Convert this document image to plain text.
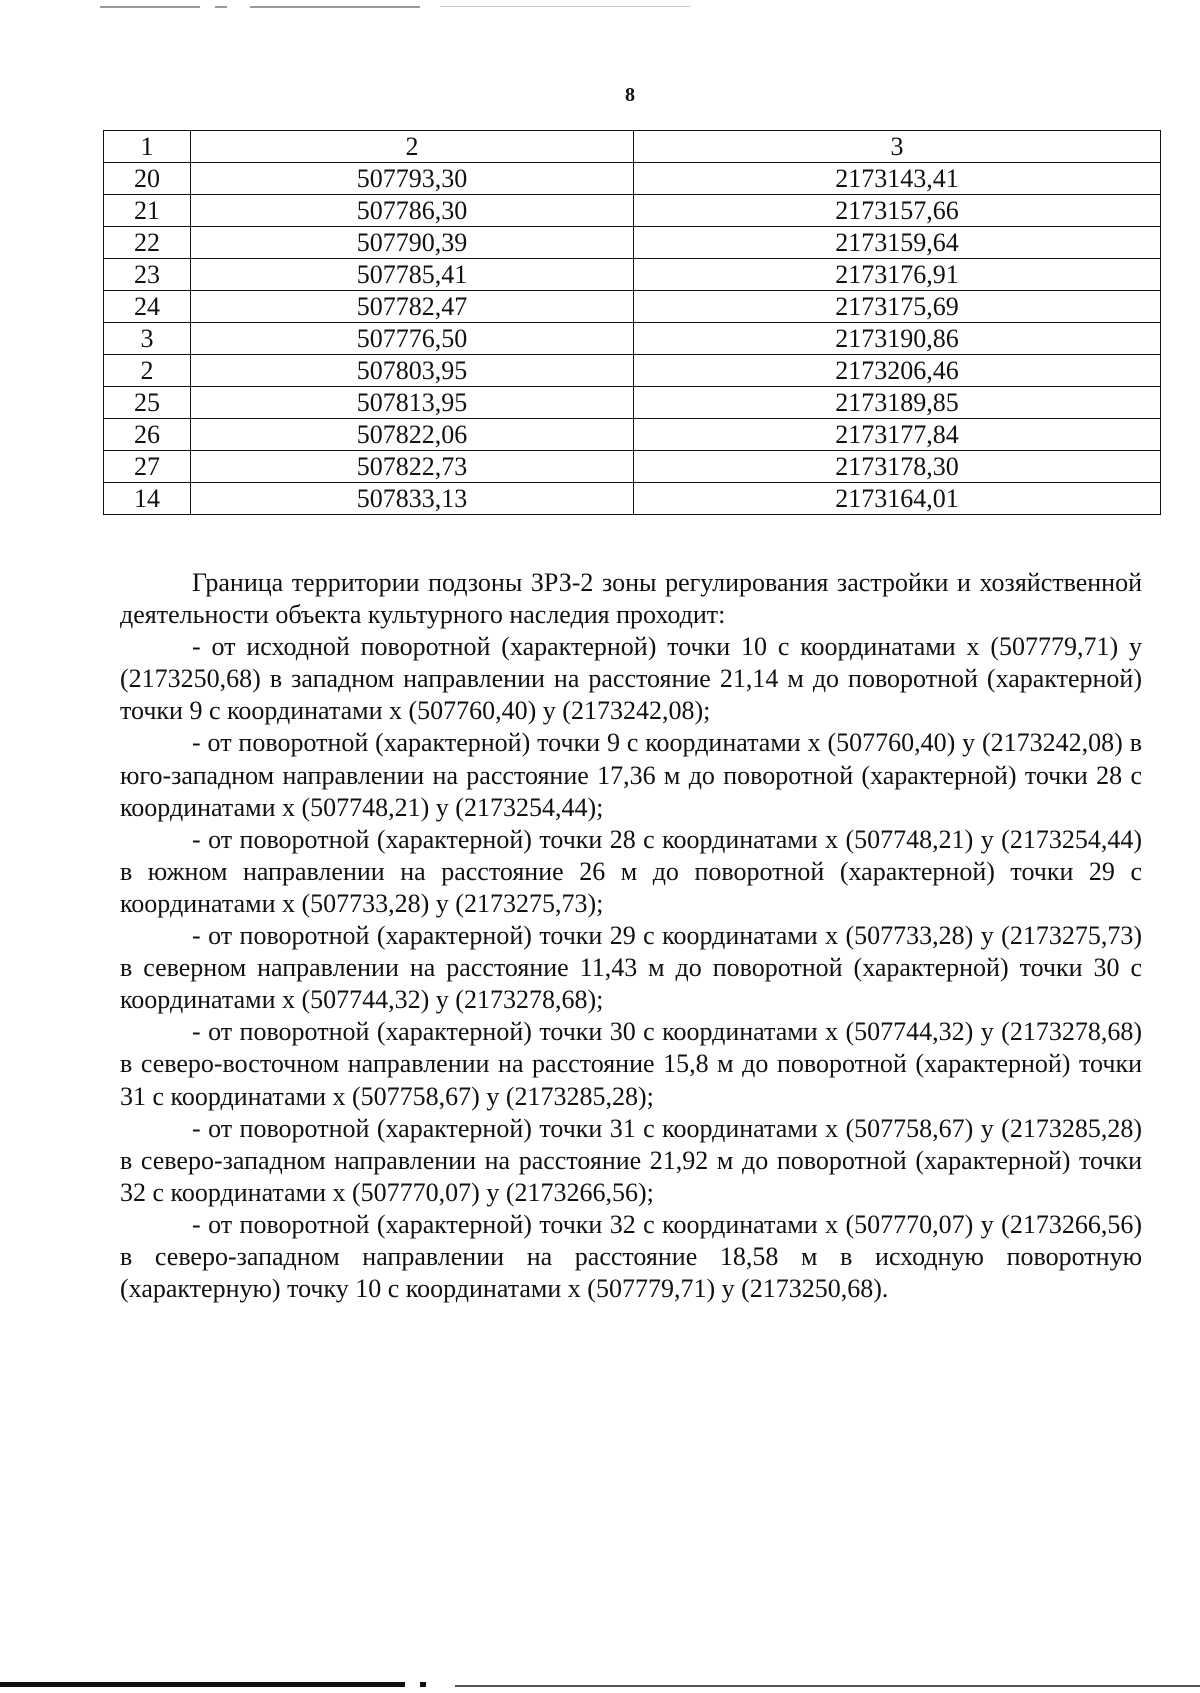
8
1	2	3
20	507793,30	2173143,41
21	507786,30	2173157,66
22	507790,39	2173159,64
23	507785,41	2173176,91
24	507782,47	2173175,69
3	507776,50	2173190,86
2	507803,95	2173206,46
25	507813,95	2173189,85
26	507822,06	2173177,84
27	507822,73	2173178,30
14	507833,13	2173164,01

Граница территории подзоны ЗРЗ-2 зоны регулирования застройки и хозяйственной деятельности объекта культурного наследия проходит:

- от исходной поворотной (характерной) точки 10 с координатами x (507779,71) y (2173250,68) в западном направлении на расстояние 21,14 м до поворотной (характерной) точки 9 с координатами x (507760,40) y (2173242,08);

- от поворотной (характерной) точки 9 с координатами x (507760,40) y (2173242,08) в юго-западном направлении на расстояние 17,36 м до поворотной (характерной) точки 28 с координатами x (507748,21) y (2173254,44);

- от поворотной (характерной) точки 28 с координатами x (507748,21) y (2173254,44) в южном направлении на расстояние 26 м до поворотной (характерной) точки 29 с координатами x (507733,28) y (2173275,73);

- от поворотной (характерной) точки 29 с координатами x (507733,28) y (2173275,73) в северном направлении на расстояние 11,43 м до поворотной (характерной) точки 30 с координатами x (507744,32) y (2173278,68);

- от поворотной (характерной) точки 30 с координатами x (507744,32) y (2173278,68) в северо-восточном направлении на расстояние 15,8 м до поворотной (характерной) точки 31 с координатами x (507758,67) y (2173285,28);

- от поворотной (характерной) точки 31 с координатами x (507758,67) y (2173285,28) в северо-западном направлении на расстояние 21,92 м до поворотной (характерной) точки 32 с координатами x (507770,07) y (2173266,56);

- от поворотной (характерной) точки 32 с координатами x (507770,07) y (2173266,56) в северо-западном направлении на расстояние 18,58 м в исходную поворотную (характерную) точку 10 с координатами x (507779,71) y (2173250,68).
